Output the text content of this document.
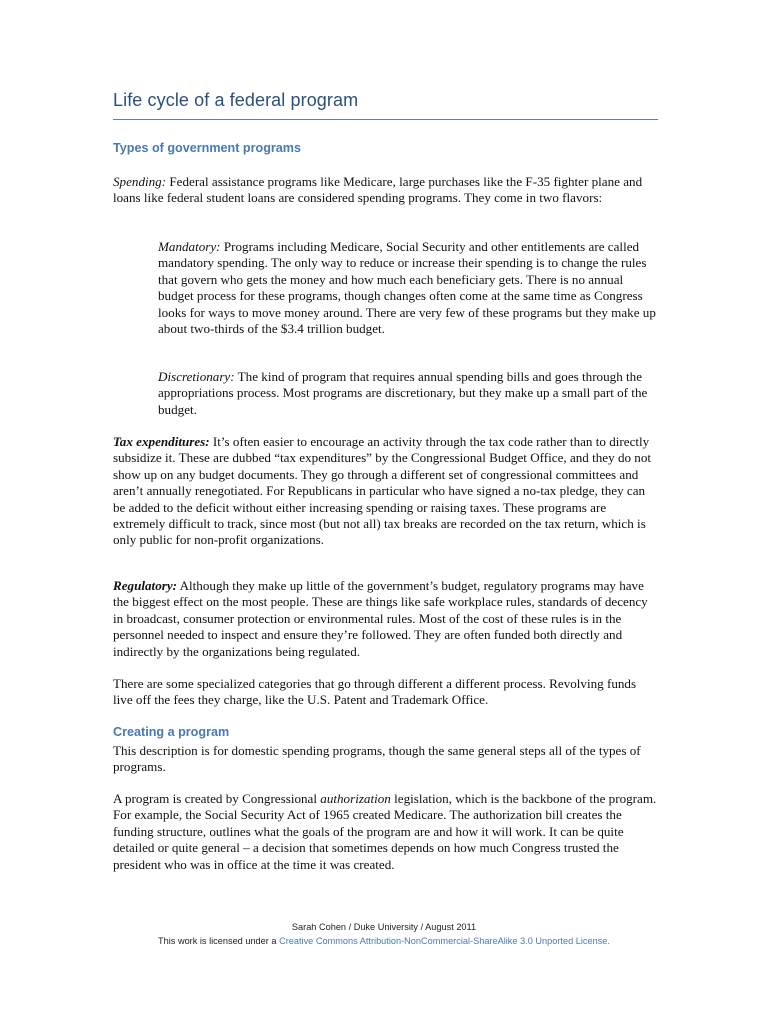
Life cycle of a federal program
Types of government programs
Spending: Federal assistance programs like Medicare, large purchases like the F-35 fighter plane and loans like federal student loans are considered spending programs. They come in two flavors:
Mandatory: Programs including Medicare, Social Security and other entitlements are called mandatory spending. The only way to reduce or increase their spending is to change the rules that govern who gets the money and how much each beneficiary gets. There is no annual budget process for these programs, though changes often come at the same time as Congress looks for ways to move money around. There are very few of these programs but they make up about two-thirds of the $3.4 trillion budget.
Discretionary: The kind of program that requires annual spending bills and goes through the appropriations process. Most programs are discretionary, but they make up a small part of the budget.
Tax expenditures: It’s often easier to encourage an activity through the tax code rather than to directly subsidize it. These are dubbed “tax expenditures” by the Congressional Budget Office, and they do not show up on any budget documents. They go through a different set of congressional committees and aren’t annually renegotiated. For Republicans in particular who have signed a no-tax pledge, they can be added to the deficit without either increasing spending or raising taxes. These programs are extremely difficult to track, since most (but not all) tax breaks are recorded on the tax return, which is only public for non-profit organizations.
Regulatory: Although they make up little of the government’s budget, regulatory programs may have the biggest effect on the most people. These are things like safe workplace rules, standards of decency in broadcast, consumer protection or environmental rules. Most of the cost of these rules is in the personnel needed to inspect and ensure they’re followed. They are often funded both directly and indirectly by the organizations being regulated.
There are some specialized categories that go through different a different process. Revolving funds live off the fees they charge, like the U.S. Patent and Trademark Office.
Creating a program
This description is for domestic spending programs, though the same general steps all of the types of programs.
A program is created by Congressional authorization legislation, which is the backbone of the program. For example, the Social Security Act of 1965 created Medicare. The authorization bill creates the funding structure, outlines what the goals of the program are and how it will work. It can be quite detailed or quite general – a decision that sometimes depends on how much Congress trusted the president who was in office at the time it was created.
Sarah Cohen / Duke University / August 2011
This work is licensed under a Creative Commons Attribution-NonCommercial-ShareAlike 3.0 Unported License.
